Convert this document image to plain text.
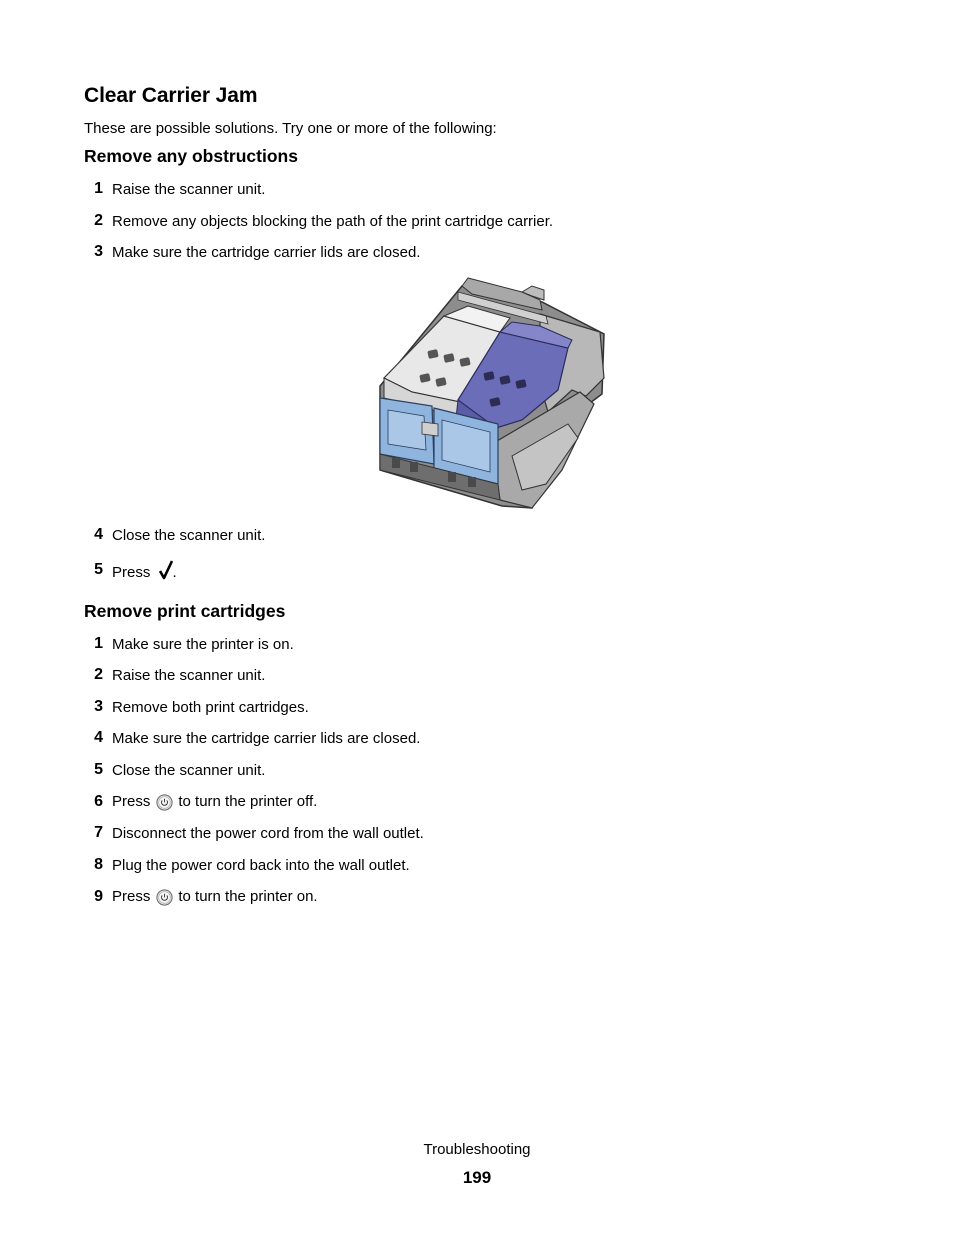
Clear Carrier Jam
These are possible solutions. Try one or more of the following:
Remove any obstructions
1 Raise the scanner unit.
2 Remove any objects blocking the path of the print cartridge carrier.
3 Make sure the cartridge carrier lids are closed.
4 Close the scanner unit.
5 Press .
Remove print cartridges
1 Make sure the printer is on.
2 Raise the scanner unit.
3 Remove both print cartridges.
4 Make sure the cartridge carrier lids are closed.
5 Close the scanner unit.
6 Press to turn the printer off.
7 Disconnect the power cord from the wall outlet.
8 Plug the power cord back into the wall outlet.
9 Press to turn the printer on.
Troubleshooting
199
